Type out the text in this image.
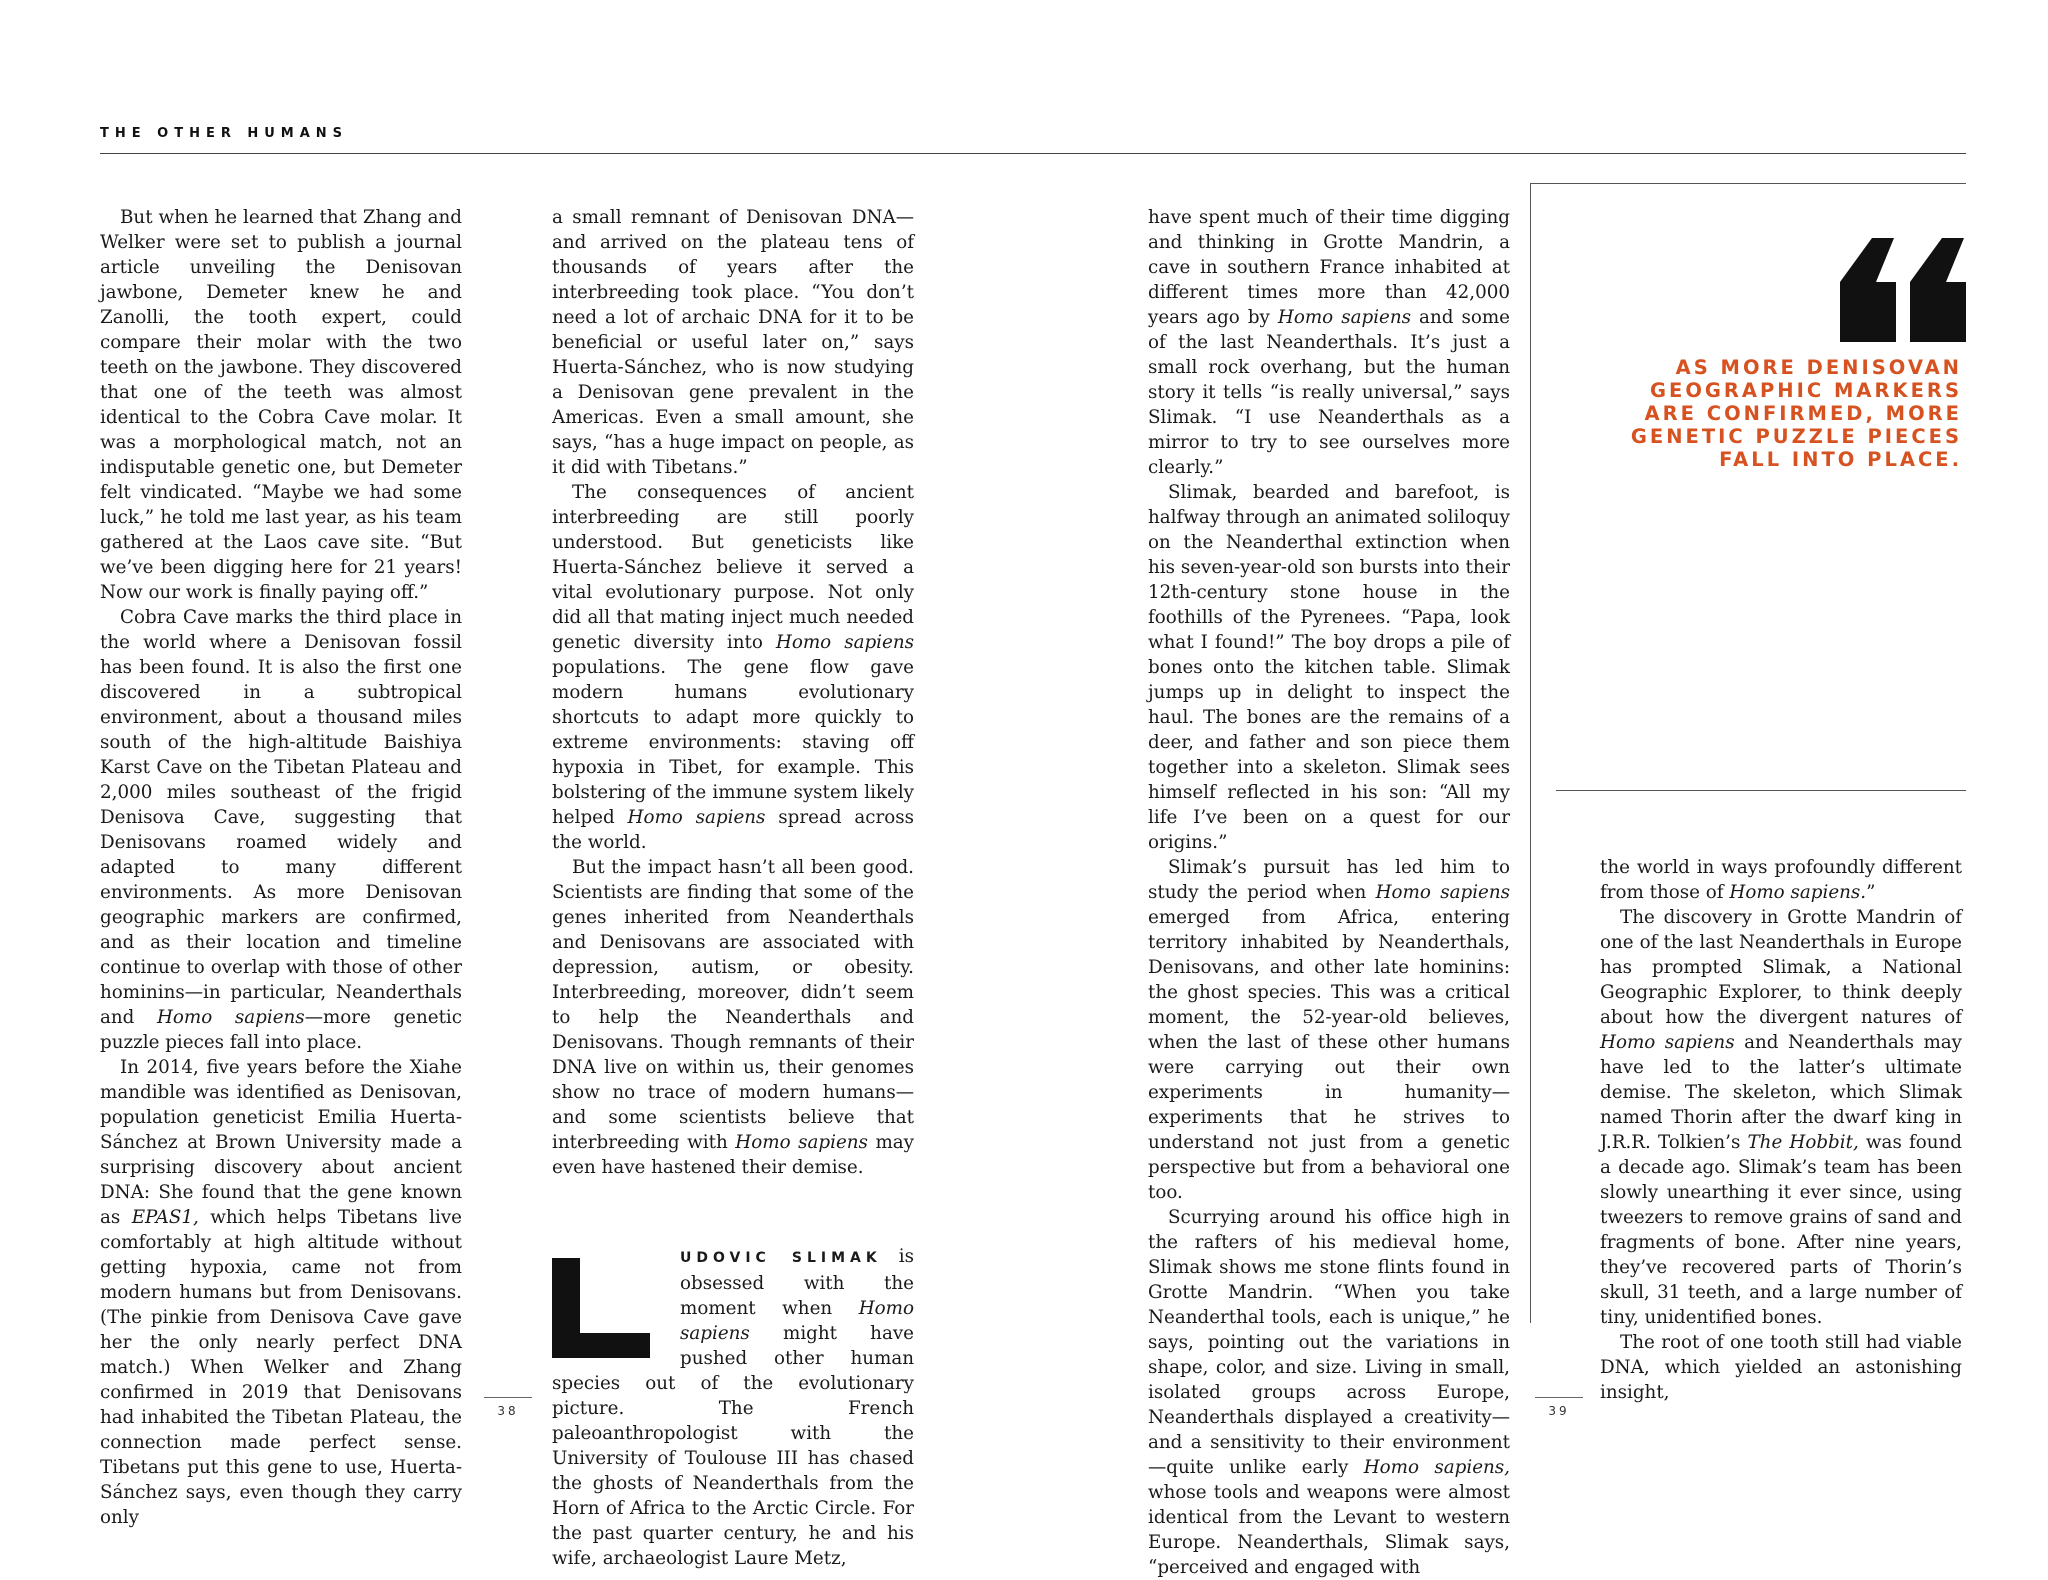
THE OTHER HUMANS

But when he learned that Zhang and Welker were set to publish a journal article unveiling the Denisovan jawbone, Demeter knew he and Zanolli, the tooth expert, could compare their molar with the two teeth on the jawbone. They discovered that one of the teeth was almost identical to the Cobra Cave molar. It was a morphological match, not an indisputable genetic one, but Demeter felt vindicated. “Maybe we had some luck,” he told me last year, as his team gathered at the Laos cave site. “But we’ve been digging here for 21 years! Now our work is finally paying off.”

Cobra Cave marks the third place in the world where a Denisovan fossil has been found. It is also the first one discovered in a subtropical environment, about a thousand miles south of the high-altitude Baishiya Karst Cave on the Tibetan Plateau and 2,000 miles southeast of the frigid Denisova Cave, suggesting that Denisovans roamed widely and adapted to many different environments. As more Denisovan geographic markers are confirmed, and as their location and timeline continue to overlap with those of other hominins—in particular, Neanderthals and Homo sapiens—more genetic puzzle pieces fall into place.

In 2014, five years before the Xiahe mandible was identified as Denisovan, population geneticist Emilia Huerta-Sánchez at Brown University made a surprising discovery about ancient DNA: She found that the gene known as EPAS1, which helps Tibetans live comfortably at high altitude without getting hypoxia, came not from modern humans but from Denisovans. (The pinkie from Denisova Cave gave her the only nearly perfect DNA match.) When Welker and Zhang confirmed in 2019 that Denisovans had inhabited the Tibetan Plateau, the connection made perfect sense. Tibetans put this gene to use, Huerta-Sánchez says, even though they carry only

a small remnant of Denisovan DNA—and arrived on the plateau tens of thousands of years after the interbreeding took place. “You don’t need a lot of archaic DNA for it to be beneficial or useful later on,” says Huerta-Sánchez, who is now studying a Denisovan gene prevalent in the Americas. Even a small amount, she says, “has a huge impact on people, as it did with Tibetans.”

The consequences of ancient interbreeding are still poorly understood. But geneticists like Huerta-Sánchez believe it served a vital evolutionary purpose. Not only did all that mating inject much needed genetic diversity into Homo sapiens populations. The gene flow gave modern humans evolutionary shortcuts to adapt more quickly to extreme environments: staving off hypoxia in Tibet, for example. This bolstering of the immune system likely helped Homo sapiens spread across the world.

But the impact hasn’t all been good. Scientists are finding that some of the genes inherited from Neanderthals and Denisovans are associated with depression, autism, or obesity. Interbreeding, moreover, didn’t seem to help the Neanderthals and Denisovans. Though remnants of their DNA live on within us, their genomes show no trace of modern humans—and some scientists believe that interbreeding with Homo sapiens may even have hastened their demise.

UDOVIC SLIMAK is obsessed with the moment when Homo sapiens might have pushed other human species out of the evolutionary picture. The French paleoanthropologist with the University of Toulouse III has chased the ghosts of Neanderthals from the Horn of Africa to the Arctic Circle. For the past quarter century, he and his wife, archaeologist Laure Metz,

have spent much of their time digging and thinking in Grotte Mandrin, a cave in southern France inhabited at different times more than 42,000 years ago by Homo sapiens and some of the last Neanderthals. It’s just a small rock overhang, but the human story it tells “is really universal,” says Slimak. “I use Neanderthals as a mirror to try to see ourselves more clearly.”

Slimak, bearded and barefoot, is halfway through an animated soliloquy on the Neanderthal extinction when his seven-year-old son bursts into their 12th-century stone house in the foothills of the Pyrenees. “Papa, look what I found!” The boy drops a pile of bones onto the kitchen table. Slimak jumps up in delight to inspect the haul. The bones are the remains of a deer, and father and son piece them together into a skeleton. Slimak sees himself reflected in his son: “All my life I’ve been on a quest for our origins.”

Slimak’s pursuit has led him to study the period when Homo sapiens emerged from Africa, entering territory inhabited by Neanderthals, Denisovans, and other late hominins: the ghost species. This was a critical moment, the 52-year-old believes, when the last of these other humans were carrying out their own experiments in humanity—experiments that he strives to understand not just from a genetic perspective but from a behavioral one too.

Scurrying around his office high in the rafters of his medieval home, Slimak shows me stone flints found in Grotte Mandrin. “When you take Neanderthal tools, each is unique,” he says, pointing out the variations in shape, color, and size. Living in small, isolated groups across Europe, Neanderthals displayed a creativity—and a sensitivity to their environment—quite unlike early Homo sapiens, whose tools and weapons were almost identical from the Levant to western Europe. Neanderthals, Slimak says, “perceived and engaged with

AS MORE DENISOVAN GEOGRAPHIC MARKERS ARE CONFIRMED, MORE GENETIC PUZZLE PIECES FALL INTO PLACE.

the world in ways profoundly different from those of Homo sapiens.”

The discovery in Grotte Mandrin of one of the last Neanderthals in Europe has prompted Slimak, a National Geographic Explorer, to think deeply about how the divergent natures of Homo sapiens and Neanderthals may have led to the latter’s ultimate demise. The skeleton, which Slimak named Thorin after the dwarf king in J.R.R. Tolkien’s The Hobbit, was found a decade ago. Slimak’s team has been slowly unearthing it ever since, using tweezers to remove grains of sand and fragments of bone. After nine years, they’ve recovered parts of Thorin’s skull, 31 teeth, and a large number of tiny, unidentified bones.

The root of one tooth still had viable DNA, which yielded an astonishing insight,

38	39
